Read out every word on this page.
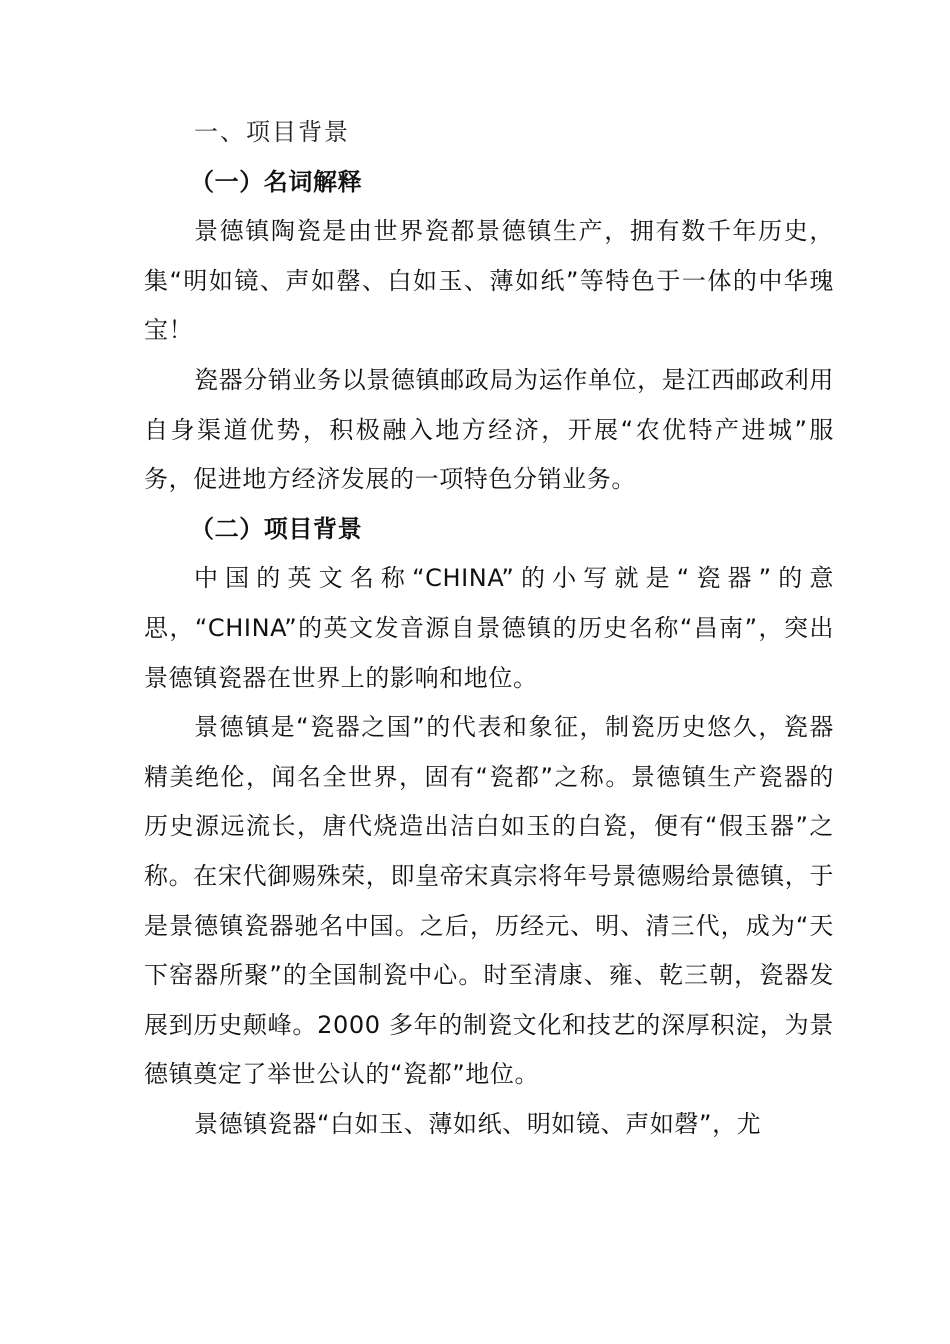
一、项目背景

（一）名词解释

景德镇陶瓷是由世界瓷都景德镇生产，拥有数千年历史，集“明如镜、声如罄、白如玉、薄如纸”等特色于一体的中华瑰宝！

瓷器分销业务以景德镇邮政局为运作单位，是江西邮政利用自身渠道优势，积极融入地方经济，开展“农优特产进城”服务，促进地方经济发展的一项特色分销业务。

（二）项目背景

中国的英文名称“CHINA”的小写就是“瓷器”的意思，“CHINA”的英文发音源自景德镇的历史名称“昌南”，突出景德镇瓷器在世界上的影响和地位。

景德镇是“瓷器之国”的代表和象征，制瓷历史悠久，瓷器精美绝伦，闻名全世界，固有“瓷都”之称。景德镇生产瓷器的历史源远流长，唐代烧造出洁白如玉的白瓷，便有“假玉器”之称。在宋代御赐殊荣，即皇帝宋真宗将年号景德赐给景德镇，于是景德镇瓷器驰名中国。之后，历经元、明、清三代，成为“天下窑器所聚”的全国制瓷中心。时至清康、雍、乾三朝，瓷器发展到历史颠峰。2000 多年的制瓷文化和技艺的深厚积淀，为景德镇奠定了举世公认的“瓷都”地位。

景德镇瓷器“白如玉、薄如纸、明如镜、声如磬”，尤
